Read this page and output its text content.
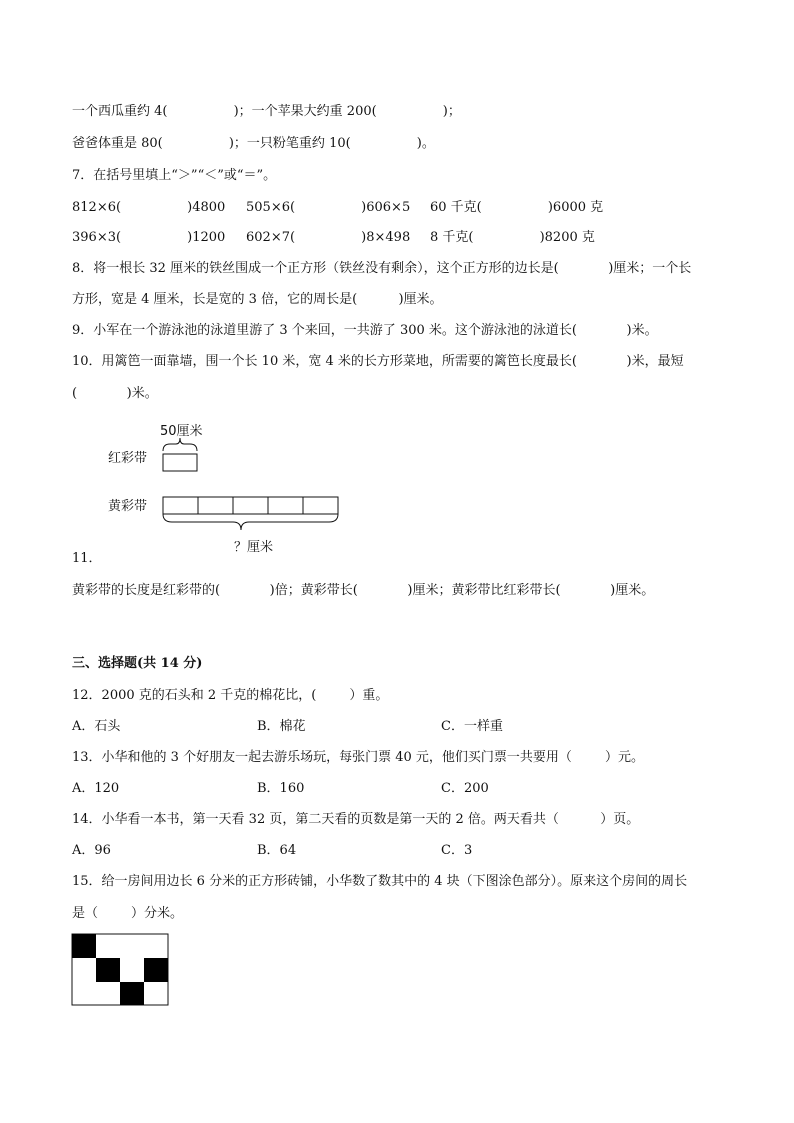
一个西瓜重约 4(                )；一个苹果大约重 200(                )；
爸爸体重是 80(                )；一只粉笔重约 10(                )。
7．在括号里填上“＞”“＜”或“＝”。
812×6(                )4800 505×6(                )606×5 60 千克(                )6000 克
396×3(                )1200 602×7(                )8×498 8 千克(                )8200 克
8．将一根长 32 厘米的铁丝围成一个正方形（铁丝没有剩余），这个正方形的边长是(            )厘米；一个长
方形，宽是 4 厘米，长是宽的 3 倍，它的周长是(          )厘米。
9．小军在一个游泳池的泳道里游了 3 个来回，一共游了 300 米。这个游泳池的泳道长(            )米。
10．用篱笆一面靠墙，围一个长 10 米，宽 4 米的长方形菜地，所需要的篱笆长度最长(            )米，最短
(            )米。
50厘米
红彩带
黄彩带
？厘米
11．
黄彩带的长度是红彩带的(            )倍；黄彩带长(            )厘米；黄彩带比红彩带长(            )厘米。
三、选择题(共 14 分)
12．2000 克的石头和 2 千克的棉花比，(        ）重。
A．石头	B．棉花	C．一样重
13．小华和他的 3 个好朋友一起去游乐场玩，每张门票 40 元，他们买门票一共要用（        ）元。
A．120	B．160	C．200
14．小华看一本书，第一天看 32 页，第二天看的页数是第一天的 2 倍。两天看共（          ）页。
A．96	B．64	C．3
15．给一房间用边长 6 分米的正方形砖铺，小华数了数其中的 4 块（下图涂色部分）。原来这个房间的周长
是（        ）分米。
